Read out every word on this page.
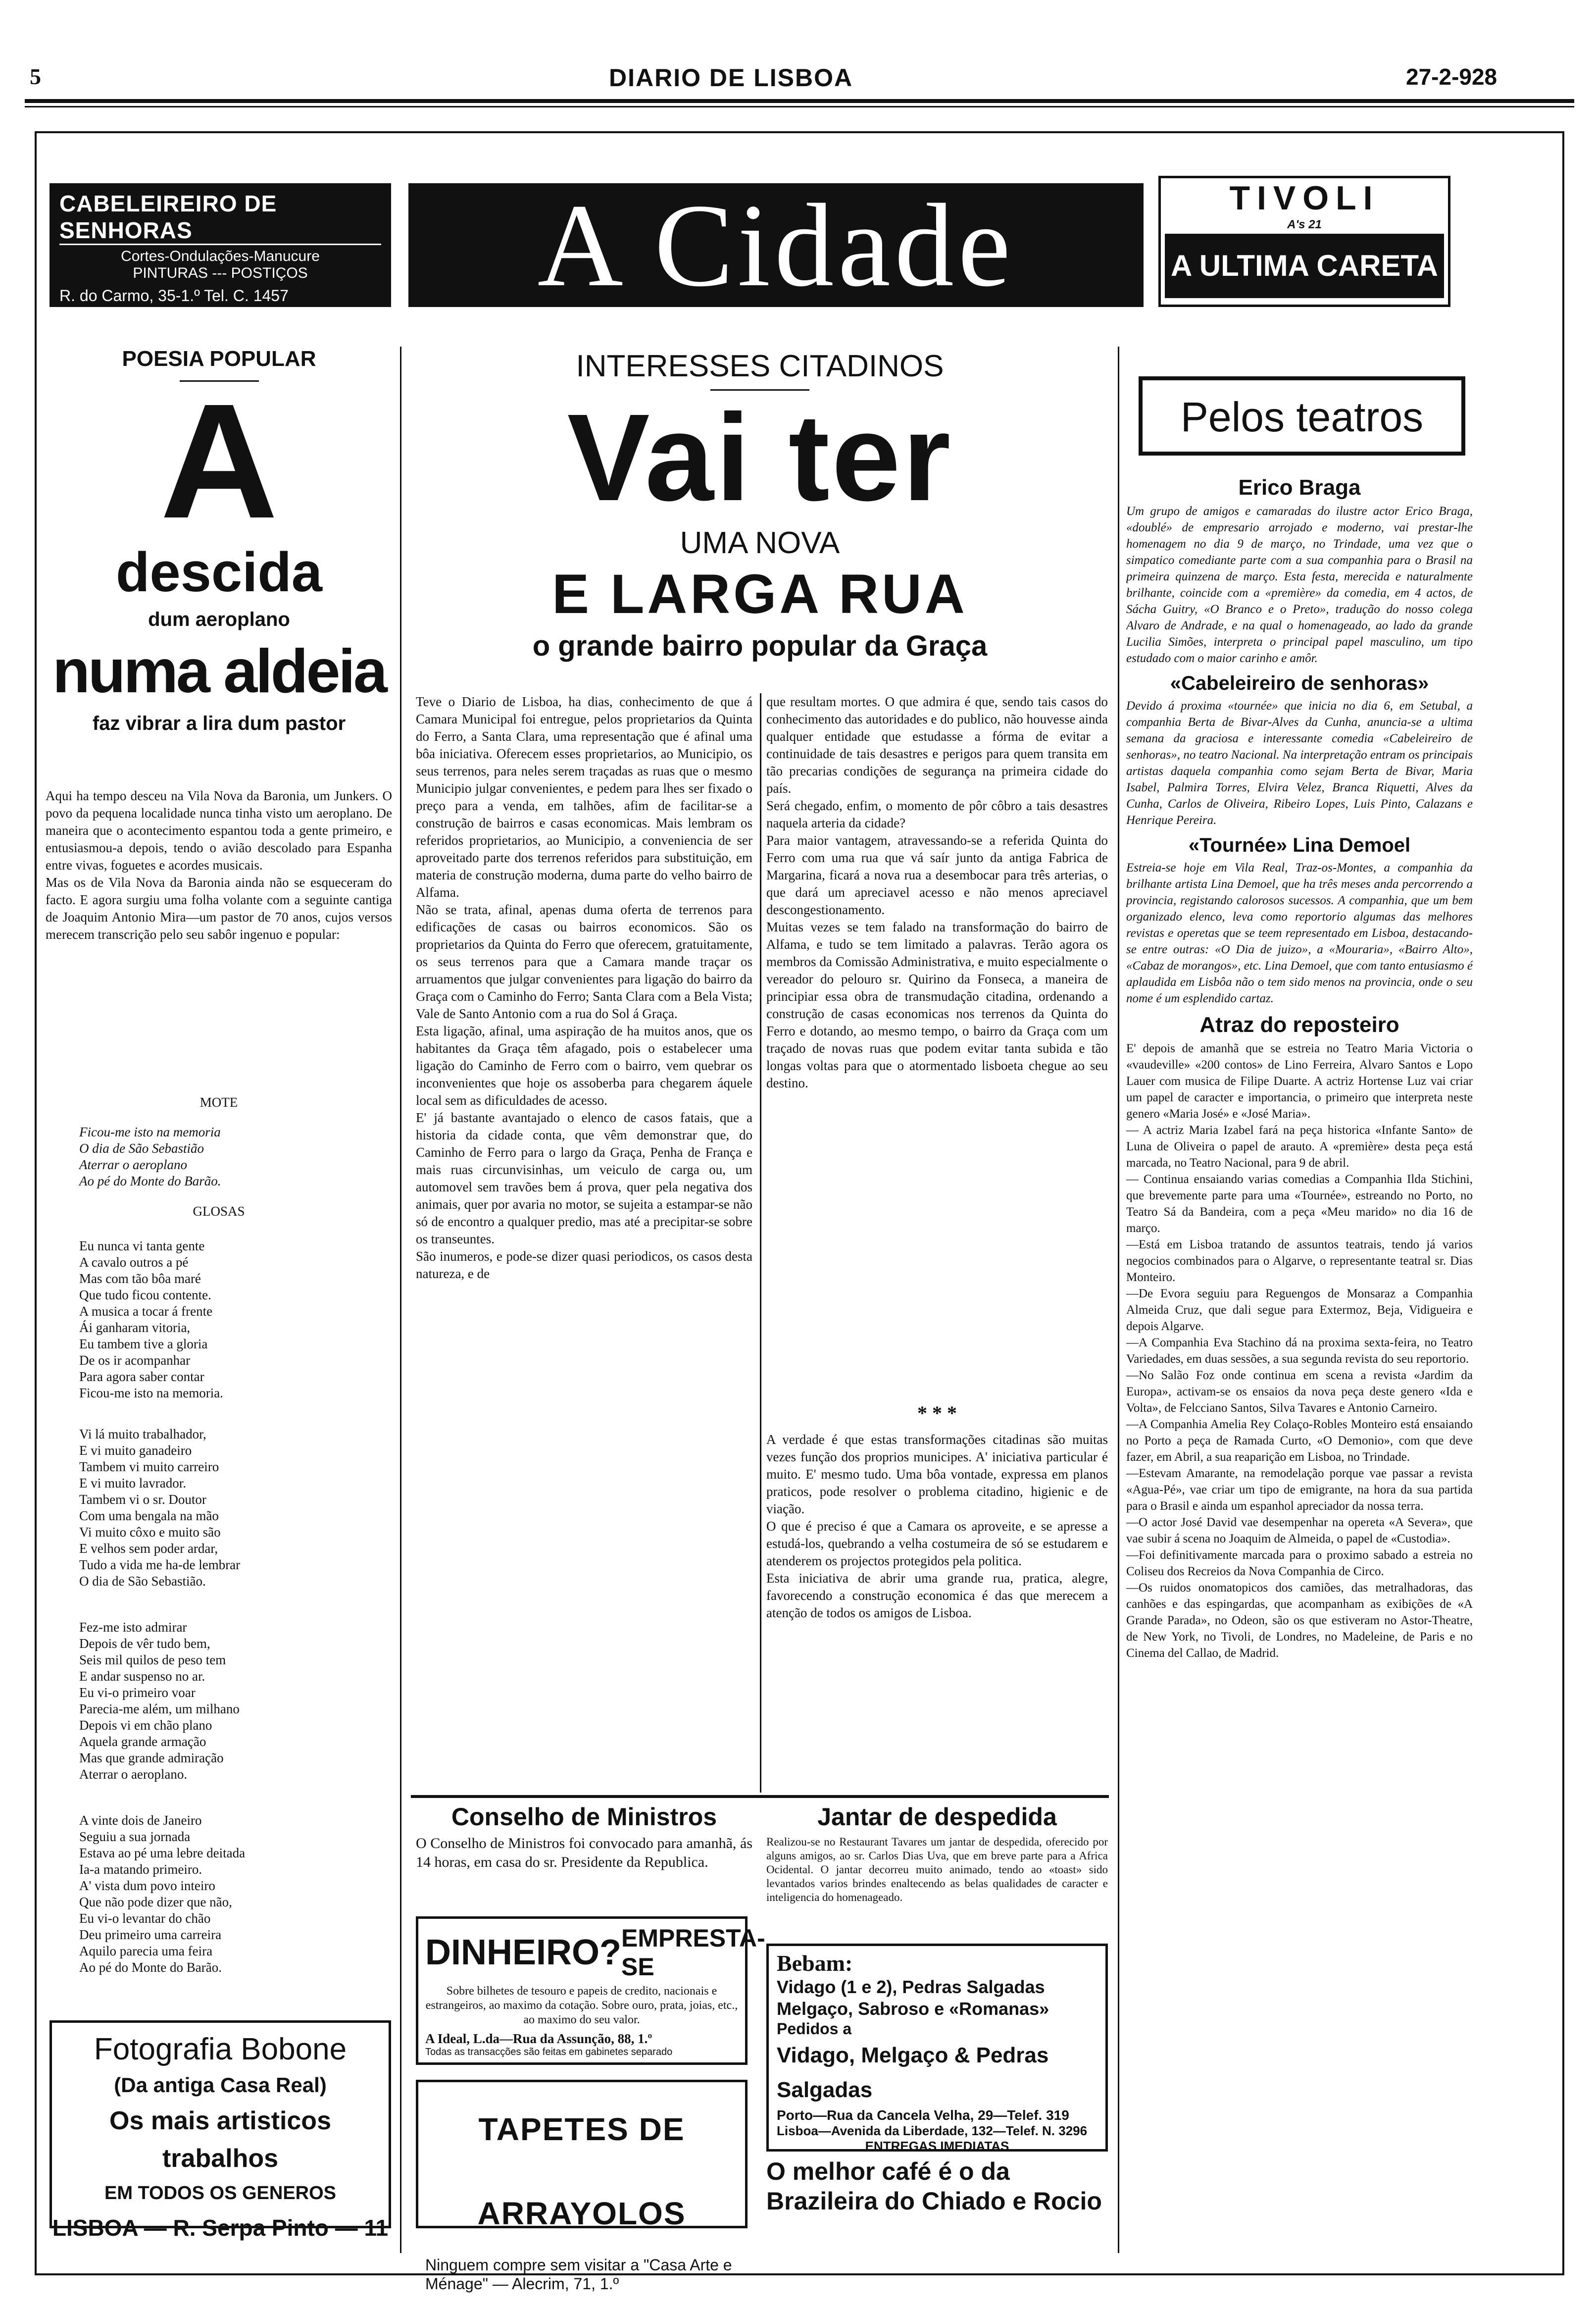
5	DIARIO DE LISBOA	27-2-928
CABELEIREIRO DE SENHORAS
Cortes-Ondulações-Manucure
PINTURAS --- POSTIÇOS
R. do Carmo, 35-1.º Tel. C. 1457	A Cidade	TIVOLI
A's 21
A ULTIMA CARETA
POESIA POPULAR
A
descida
dum aeroplano
numa aldeia
faz vibrar a lira dum pastor
Aqui ha tempo desceu na Vila Nova da Baronia, um Junkers. O povo da pequena localidade nunca tinha visto um aeroplano. De maneira que o acontecimento espantou toda a gente primeiro, e entusiasmou-a depois, tendo o avião descolado para Espanha entre vivas, foguetes e acordes musicais.
Mas os de Vila Nova da Baronia ainda não se esqueceram do facto. E agora surgiu uma folha volante com a seguinte cantiga de Joaquim Antonio Mira—um pastor de 70 anos, cujos versos merecem transcrição pelo seu sabôr ingenuo e popular:
MOTE
Ficou-me isto na memoria
O dia de São Sebastião
Aterrar o aeroplano
Ao pé do Monte do Barão.
GLOSAS
Eu nunca vi tanta gente
A cavalo outros a pé
Mas com tão bôa maré
Que tudo ficou contente.
A musica a tocar á frente
Ái ganharam vitoria,
Eu tambem tive a gloria
De os ir acompanhar
Para agora saber contar
Ficou-me isto na memoria.
Vi lá muito trabalhador,
E vi muito ganadeiro
Tambem vi muito carreiro
E vi muito lavrador.
Tambem vi o sr. Doutor
Com uma bengala na mão
Vi muito côxo e muito são
E velhos sem poder ardar,
Tudo a vida me ha-de lembrar
O dia de São Sebastião.
Fez-me isto admirar
Depois de vêr tudo bem,
Seis mil quilos de peso tem
E andar suspenso no ar.
Eu vi-o primeiro voar
Parecia-me além, um milhano
Depois vi em chão plano
Aquela grande armação
Mas que grande admiração
Aterrar o aeroplano.
A vinte dois de Janeiro
Seguiu a sua jornada
Estava ao pé uma lebre deitada
Ia-a matando primeiro.
A' vista dum povo inteiro
Que não pode dizer que não,
Eu vi-o levantar do chão
Deu primeiro uma carreira
Aquilo parecia uma feira
Ao pé do Monte do Barão.
Fotografia Bobone
(Da antiga Casa Real)
Os mais artisticos trabalhos
EM TODOS OS GENEROS
LISBOA — R. Serpa Pinto — 11
INTERESSES CITADINOS
Vai ter
UMA NOVA
E LARGA RUA
o grande bairro popular da Graça
Teve o Diario de Lisboa, ha dias, conhecimento de que á Camara Municipal foi entregue, pelos proprietarios da Quinta do Ferro, a Santa Clara, uma representação que é afinal uma bôa iniciativa. Oferecem esses proprietarios, ao Municipio, os seus terrenos, para neles serem traçadas as ruas que o mesmo Municipio julgar convenientes, e pedem para lhes ser fixado o preço para a venda, em talhões, afim de facilitar-se a construção de bairros e casas economicas. Mais lembram os referidos proprietarios, ao Municipio, a conveniencia de ser aproveitado parte dos terrenos referidos para substituição, em materia de construção moderna, duma parte do velho bairro de Alfama.
Não se trata, afinal, apenas duma oferta de terrenos para edificações de casas ou bairros economicos. São os proprietarios da Quinta do Ferro que oferecem, gratuitamente, os seus terrenos para que a Camara mande traçar os arruamentos que julgar convenientes para ligação do bairro da Graça com o Caminho do Ferro; Santa Clara com a Bela Vista; Vale de Santo Antonio com a rua do Sol á Graça.
Esta ligação, afinal, uma aspiração de ha muitos anos, que os habitantes da Graça têm afagado, pois o estabelecer uma ligação do Caminho de Ferro com o bairro, vem quebrar os inconvenientes que hoje os assoberba para chegarem áquele local sem as dificuldades de acesso.
E' já bastante avantajado o elenco de casos fatais, que a historia da cidade conta, que vêm demonstrar que, do Caminho de Ferro para o largo da Graça, Penha de França e mais ruas circunvisinhas, um veiculo de carga ou, um automovel sem travões bem á prova, quer pela negativa dos animais, quer por avaria no motor, se sujeita a estampar-se não só de encontro a qualquer predio, mas até a precipitar-se sobre os transeuntes.
São inumeros, e pode-se dizer quasi periodicos, os casos desta natureza, e de
que resultam mortes. O que admira é que, sendo tais casos do conhecimento das autoridades e do publico, não houvesse ainda qualquer entidade que estudasse a fórma de evitar a continuidade de tais desastres e perigos para quem transita em tão precarias condições de segurança na primeira cidade do país.
Será chegado, enfim, o momento de pôr côbro a tais desastres naquela arteria da cidade?
Para maior vantagem, atravessando-se a referida Quinta do Ferro com uma rua que vá saír junto da antiga Fabrica de Margarina, ficará a nova rua a desembocar para três arterias, o que dará um apreciavel acesso e não menos apreciavel descongestionamento.
Muitas vezes se tem falado na transformação do bairro de Alfama, e tudo se tem limitado a palavras. Terão agora os membros da Comissão Administrativa, e muito especialmente o vereador do pelouro sr. Quirino da Fonseca, a maneira de principiar essa obra de transmudação citadina, ordenando a construção de casas economicas nos terrenos da Quinta do Ferro e dotando, ao mesmo tempo, o bairro da Graça com um traçado de novas ruas que podem evitar tanta subida e tão longas voltas para que o atormentado lisboeta chegue ao seu destino.
* * *
A verdade é que estas transformações citadinas são muitas vezes função dos proprios municipes. A' iniciativa particular é muito. E' mesmo tudo. Uma bôa vontade, expressa em planos praticos, pode resolver o problema citadino, higienic e de viação.
O que é preciso é que a Camara os aproveite, e se apresse a estudá-los, quebrando a velha costumeira de só se estudarem e atenderem os projectos protegidos pela politica.
Esta iniciativa de abrir uma grande rua, pratica, alegre, favorecendo a construção economica é das que merecem a atenção de todos os amigos de Lisboa.
Conselho de Ministros
O Conselho de Ministros foi convocado para amanhã, ás 14 horas, em casa do sr. Presidente da Republica.
Jantar de despedida
Realizou-se no Restaurant Tavares um jantar de despedida, oferecido por alguns amigos, ao sr. Carlos Dias Uva, que em breve parte para a Africa Ocidental. O jantar decorreu muito animado, tendo ao «toast» sido levantados varios brindes enaltecendo as belas qualidades de caracter e inteligencia do homenageado.
DINHEIRO? EMPRESTA-SE
Sobre bilhetes de tesouro e papeis de credito, nacionais e estrangeiros, ao maximo da cotação. Sobre ouro, prata, joias, etc., ao maximo do seu valor.
A Ideal, L.da—Rua da Assunção, 88, 1.º
Todas as transacções são feitas em gabinetes separado
TAPETES DE ARRAYOLOS
Ninguem compre sem visitar a "Casa Arte e Ménage" — Alecrim, 71, 1.º
Bebam:
Vidago (1 e 2), Pedras Salgadas
Melgaço, Sabroso e «Romanas»
Pedidos a
Vidago, Melgaço & Pedras Salgadas
Porto—Rua da Cancela Velha, 29—Telef. 319
Lisboa—Avenida da Liberdade, 132—Telef. N. 3296
ENTREGAS IMEDIATAS
O melhor café é o da Brazileira do Chiado e Rocio
Pelos teatros
Erico Braga
Um grupo de amigos e camaradas do ilustre actor Erico Braga, «doublé» de empresario arrojado e moderno, vai prestar-lhe homenagem no dia 9 de março, no Trindade, uma vez que o simpatico comediante parte com a sua companhia para o Brasil na primeira quinzena de março. Esta festa, merecida e naturalmente brilhante, coincide com a «première» da comedia, em 4 actos, de Sácha Guitry, «O Branco e o Preto», tradução do nosso colega Alvaro de Andrade, e na qual o homenageado, ao lado da grande Lucilia Simões, interpreta o principal papel masculino, um tipo estudado com o maior carinho e amôr.
«Cabeleireiro de senhoras»
Devido á proxima «tournée» que inicia no dia 6, em Setubal, a companhia Berta de Bivar-Alves da Cunha, anuncia-se a ultima semana da graciosa e interessante comedia «Cabeleireiro de senhoras», no teatro Nacional. Na interpretação entram os principais artistas daquela companhia como sejam Berta de Bivar, Maria Isabel, Palmira Torres, Elvira Velez, Branca Riquetti, Alves da Cunha, Carlos de Oliveira, Ribeiro Lopes, Luis Pinto, Calazans e Henrique Pereira.
«Tournée» Lina Demoel
Estreia-se hoje em Vila Real, Traz-os-Montes, a companhia da brilhante artista Lina Demoel, que ha três meses anda percorrendo a provincia, registando calorosos sucessos. A companhia, que um bem organizado elenco, leva como reportorio algumas das melhores revistas e operetas que se teem representado em Lisboa, destacando-se entre outras: «O Dia de juizo», a «Mouraria», «Bairro Alto», «Cabaz de morangos», etc. Lina Demoel, que com tanto entusiasmo é aplaudida em Lisbôa não o tem sido menos na provincia, onde o seu nome é um esplendido cartaz.
Atraz do reposteiro
E' depois de amanhã que se estreia no Teatro Maria Victoria o «vaudeville» «200 contos» de Lino Ferreira, Alvaro Santos e Lopo Lauer com musica de Filipe Duarte. A actriz Hortense Luz vai criar um papel de caracter e importancia, o primeiro que interpreta neste genero «Maria José» e «José Maria».
— A actriz Maria Izabel fará na peça historica «Infante Santo» de Luna de Oliveira o papel de arauto. A «première» desta peça está marcada, no Teatro Nacional, para 9 de abril.
— Continua ensaiando varias comedias a Companhia Ilda Stichini, que brevemente parte para uma «Tournée», estreando no Porto, no Teatro Sá da Bandeira, com a peça «Meu marido» no dia 16 de março.
—Está em Lisboa tratando de assuntos teatrais, tendo já varios negocios combinados para o Algarve, o representante teatral sr. Dias Monteiro.
—De Evora seguiu para Reguengos de Monsaraz a Companhia Almeida Cruz, que dali segue para Extermoz, Beja, Vidigueira e depois Algarve.
—A Companhia Eva Stachino dá na proxima sexta-feira, no Teatro Variedades, em duas sessões, a sua segunda revista do seu reportorio.
—No Salão Foz onde continua em scena a revista «Jardim da Europa», activam-se os ensaios da nova peça deste genero «Ida e Volta», de Felcciano Santos, Silva Tavares e Antonio Carneiro.
—A Companhia Amelia Rey Colaço-Robles Monteiro está ensaiando no Porto a peça de Ramada Curto, «O Demonio», com que deve fazer, em Abril, a sua reaparição em Lisboa, no Trindade.
—Estevam Amarante, na remodelação porque vae passar a revista «Agua-Pé», vae criar um tipo de emigrante, na hora da sua partida para o Brasil e ainda um espanhol apreciador da nossa terra.
—O actor José David vae desempenhar na opereta «A Severa», que vae subir á scena no Joaquim de Almeida, o papel de «Custodia».
—Foi definitivamente marcada para o proximo sabado a estreia no Coliseu dos Recreios da Nova Companhia de Circo.
—Os ruidos onomatopicos dos camiões, das metralhadoras, das canhões e das espingardas, que acompanham as exibições de «A Grande Parada», no Odeon, são os que estiveram no Astor-Theatre, de New York, no Tivoli, de Londres, no Madeleine, de Paris e no Cinema del Callao, de Madrid.
